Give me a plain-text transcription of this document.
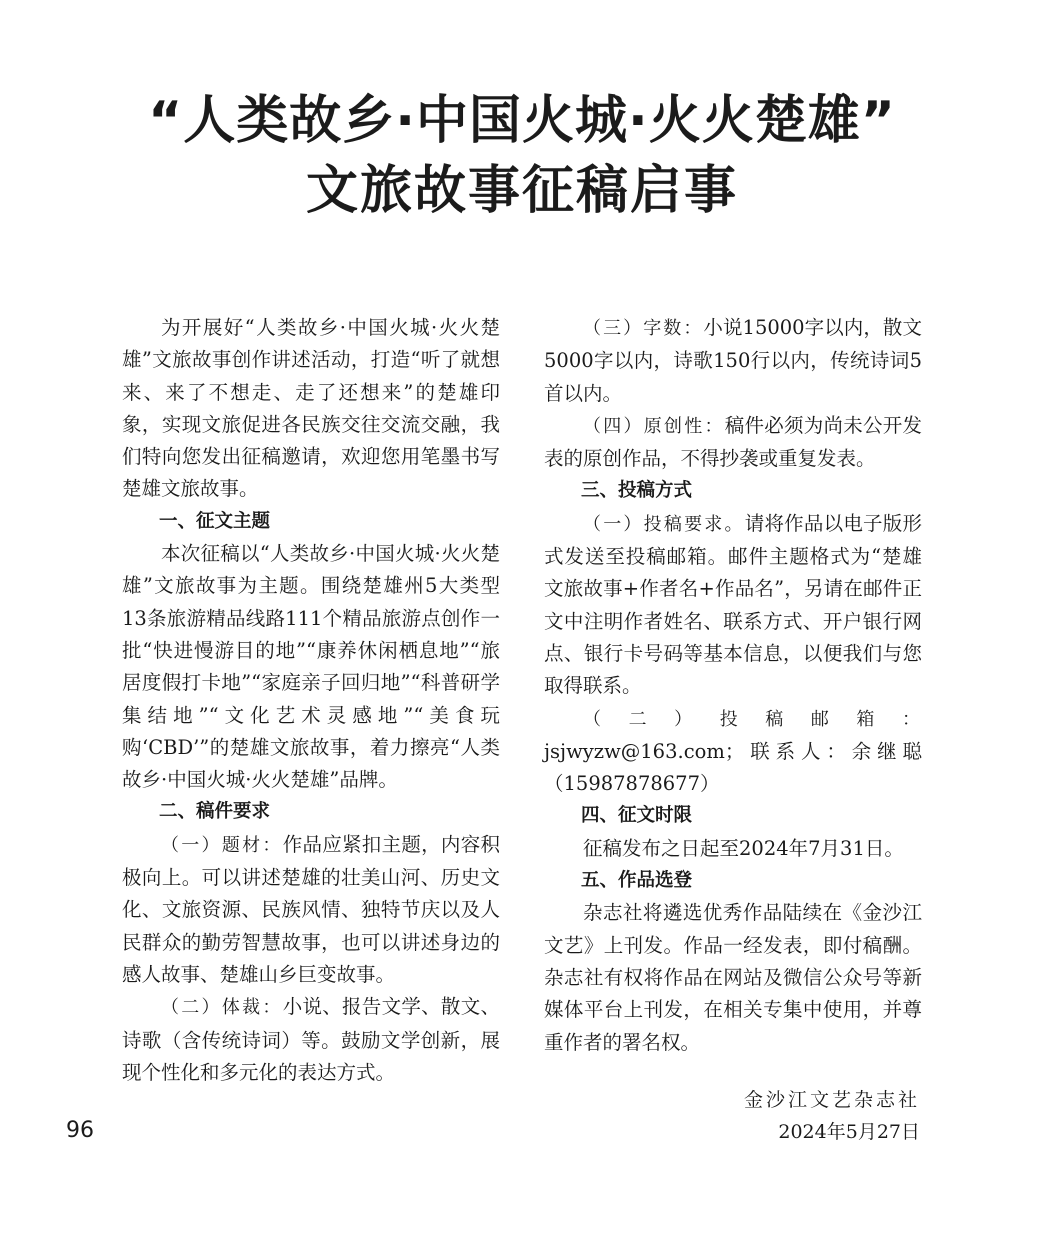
“人类故乡·中国火城·火火楚雄”
文旅故事征稿启事

为开展好“人类故乡·中国火城·火火楚雄”文旅故事创作讲述活动，打造“听了就想来、来了不想走、走了还想来”的楚雄印象，实现文旅促进各民族交往交流交融，我们特向您发出征稿邀请，欢迎您用笔墨书写楚雄文旅故事。

一、征文主题

本次征稿以“人类故乡·中国火城·火火楚雄”文旅故事为主题。围绕楚雄州5大类型13条旅游精品线路111个精品旅游点创作一批“快进慢游目的地”“康养休闲栖息地”“旅居度假打卡地”“家庭亲子回归地”“科普研学集结地”“文化艺术灵感地”“美食玩购‘CBD’”的楚雄文旅故事，着力擦亮“人类故乡·中国火城·火火楚雄”品牌。

二、稿件要求

（一）题材：作品应紧扣主题，内容积极向上。可以讲述楚雄的壮美山河、历史文化、文旅资源、民族风情、独特节庆以及人民群众的勤劳智慧故事，也可以讲述身边的感人故事、楚雄山乡巨变故事。

（二）体裁：小说、报告文学、散文、诗歌（含传统诗词）等。鼓励文学创新，展现个性化和多元化的表达方式。

（三）字数：小说15000字以内，散文5000字以内，诗歌150行以内，传统诗词5首以内。

（四）原创性：稿件必须为尚未公开发表的原创作品，不得抄袭或重复发表。

三、投稿方式

（一）投稿要求。请将作品以电子版形式发送至投稿邮箱。邮件主题格式为“楚雄文旅故事+作者名+作品名”，另请在邮件正文中注明作者姓名、联系方式、开户银行网点、银行卡号码等基本信息，以便我们与您取得联系。

（二）投稿邮箱：jsjwyzw@163.com；联系人：余继聪（15987878677）

四、征文时限

征稿发布之日起至2024年7月31日。

五、作品选登

杂志社将遴选优秀作品陆续在《金沙江文艺》上刊发。作品一经发表，即付稿酬。杂志社有权将作品在网站及微信公众号等新媒体平台上刊发，在相关专集中使用，并尊重作者的署名权。

金沙江文艺杂志社
2024年5月27日
96
